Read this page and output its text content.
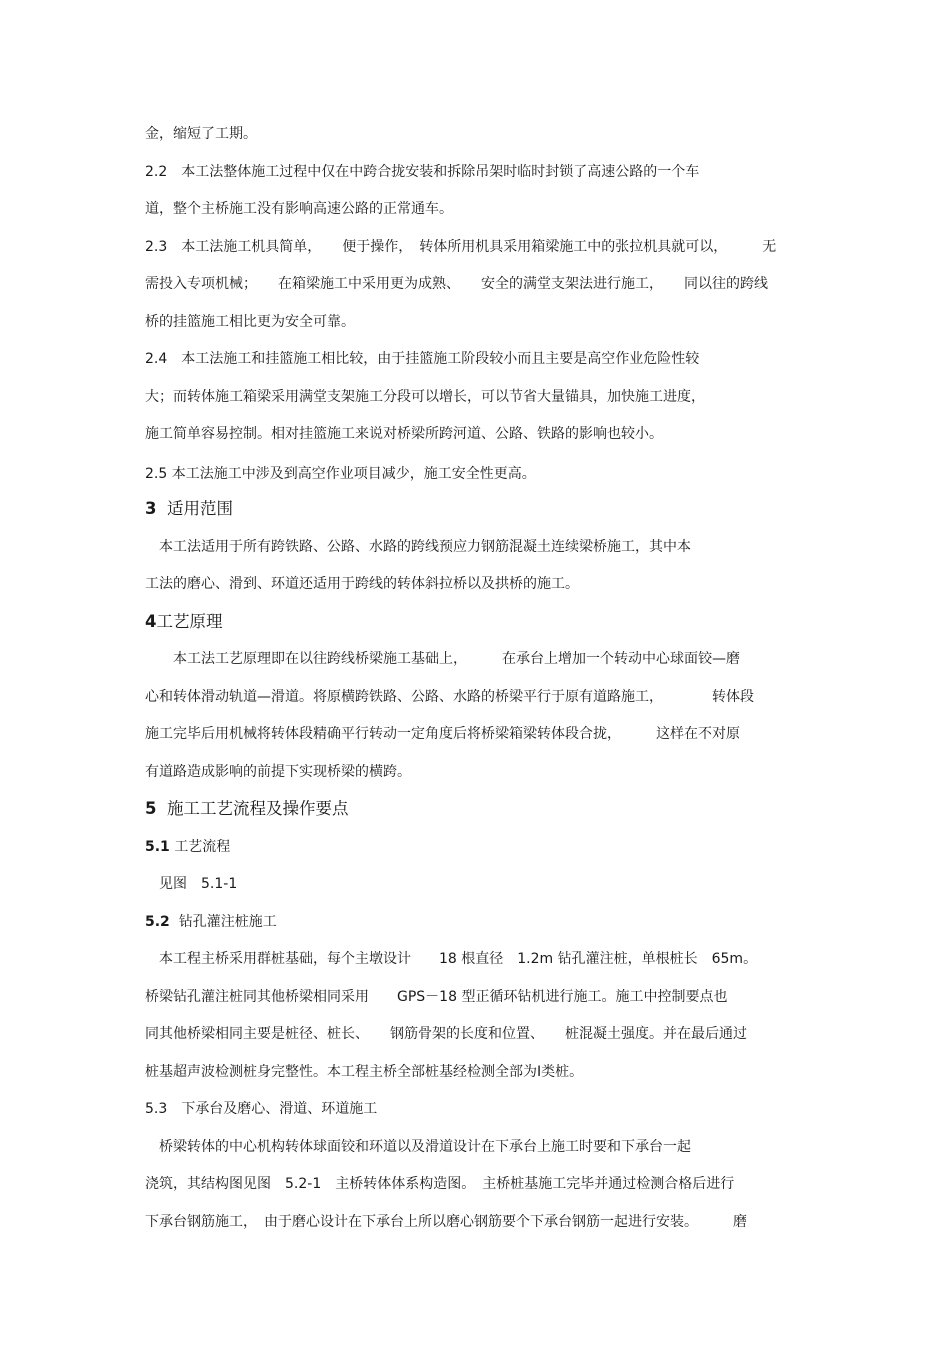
金，缩短了工期。
2.2　本工法整体施工过程中仅在中跨合拢安装和拆除吊架时临时封锁了高速公路的一个车
道，整个主桥施工没有影响高速公路的正常通车。
2.3　本工法施工机具简单，　　便于操作，　转体所用机具采用箱梁施工中的张拉机具就可以，　　　无
需投入专项机械；　　在箱梁施工中采用更为成熟、　　安全的满堂支架法进行施工，　　同以往的跨线
桥的挂篮施工相比更为安全可靠。
2.4　本工法施工和挂篮施工相比较，由于挂篮施工阶段较小而且主要是高空作业危险性较
大；而转体施工箱梁采用满堂支架施工分段可以增长，可以节省大量锚具，加快施工进度，
施工简单容易控制。相对挂篮施工来说对桥梁所跨河道、公路、铁路的影响也较小。
2.5 本工法施工中涉及到高空作业项目减少，施工安全性更高。
3 适用范围
　本工法适用于所有跨铁路、公路、水路的跨线预应力钢筋混凝土连续梁桥施工，其中本
工法的磨心、滑到、环道还适用于跨线的转体斜拉桥以及拱桥的施工。
4工艺原理
　　本工法工艺原理即在以往跨线桥梁施工基础上，　　　在承台上增加一个转动中心球面铰—磨
心和转体滑动轨道—滑道。将原横跨铁路、公路、水路的桥梁平行于原有道路施工，　　　　转体段
施工完毕后用机械将转体段精确平行转动一定角度后将桥梁箱梁转体段合拢，　　　这样在不对原
有道路造成影响的前提下实现桥梁的横跨。
5 施工工艺流程及操作要点
5.1 工艺流程
　见图　5.1-1
5.2 钻孔灌注桩施工
　本工程主桥采用群桩基础，每个主墩设计　　18 根直径　1.2m 钻孔灌注桩，单根桩长　65m。
桥梁钻孔灌注桩同其他桥梁相同采用　　GPS－18 型正循环钻机进行施工。施工中控制要点也
同其他桥梁相同主要是桩径、桩长、　　钢筋骨架的长度和位置、　　桩混凝土强度。并在最后通过
桩基超声波检测桩身完整性。本工程主桥全部桩基经检测全部为Ⅰ类桩。
5.3　下承台及磨心、滑道、环道施工
　桥梁转体的中心机构转体球面铰和环道以及滑道设计在下承台上施工时要和下承台一起
浇筑，其结构图见图　5.2-1　主桥转体体系构造图。　主桥桩基施工完毕并通过检测合格后进行
下承台钢筋施工，　由于磨心设计在下承台上所以磨心钢筋要个下承台钢筋一起进行安装。　　　磨
